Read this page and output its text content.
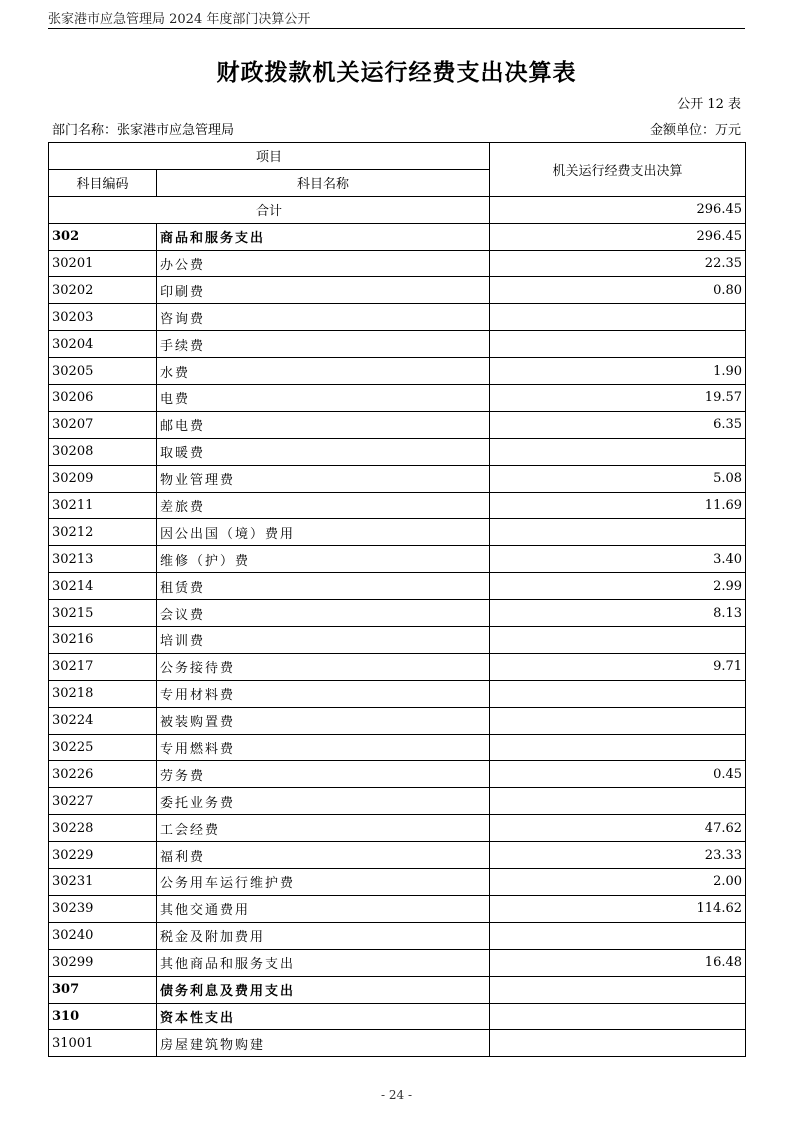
张家港市应急管理局 2024 年度部门决算公开
财政拨款机关运行经费支出决算表
公开 12 表
部门名称：张家港市应急管理局	金额单位：万元
项目		机关运行经费支出决算
科目编码	科目名称	
合计		296.45
302	商品和服务支出	296.45
30201	办公费	22.35
30202	印刷费	0.80
30203	咨询费	
30204	手续费	
30205	水费	1.90
30206	电费	19.57
30207	邮电费	6.35
30208	取暖费	
30209	物业管理费	5.08
30211	差旅费	11.69
30212	因公出国（境）费用	
30213	维修（护）费	3.40
30214	租赁费	2.99
30215	会议费	8.13
30216	培训费	
30217	公务接待费	9.71
30218	专用材料费	
30224	被装购置费	
30225	专用燃料费	
30226	劳务费	0.45
30227	委托业务费	
30228	工会经费	47.62
30229	福利费	23.33
30231	公务用车运行维护费	2.00
30239	其他交通费用	114.62
30240	税金及附加费用	
30299	其他商品和服务支出	16.48
307	债务利息及费用支出	
310	资本性支出	
31001	房屋建筑物购建	
- 24 -
